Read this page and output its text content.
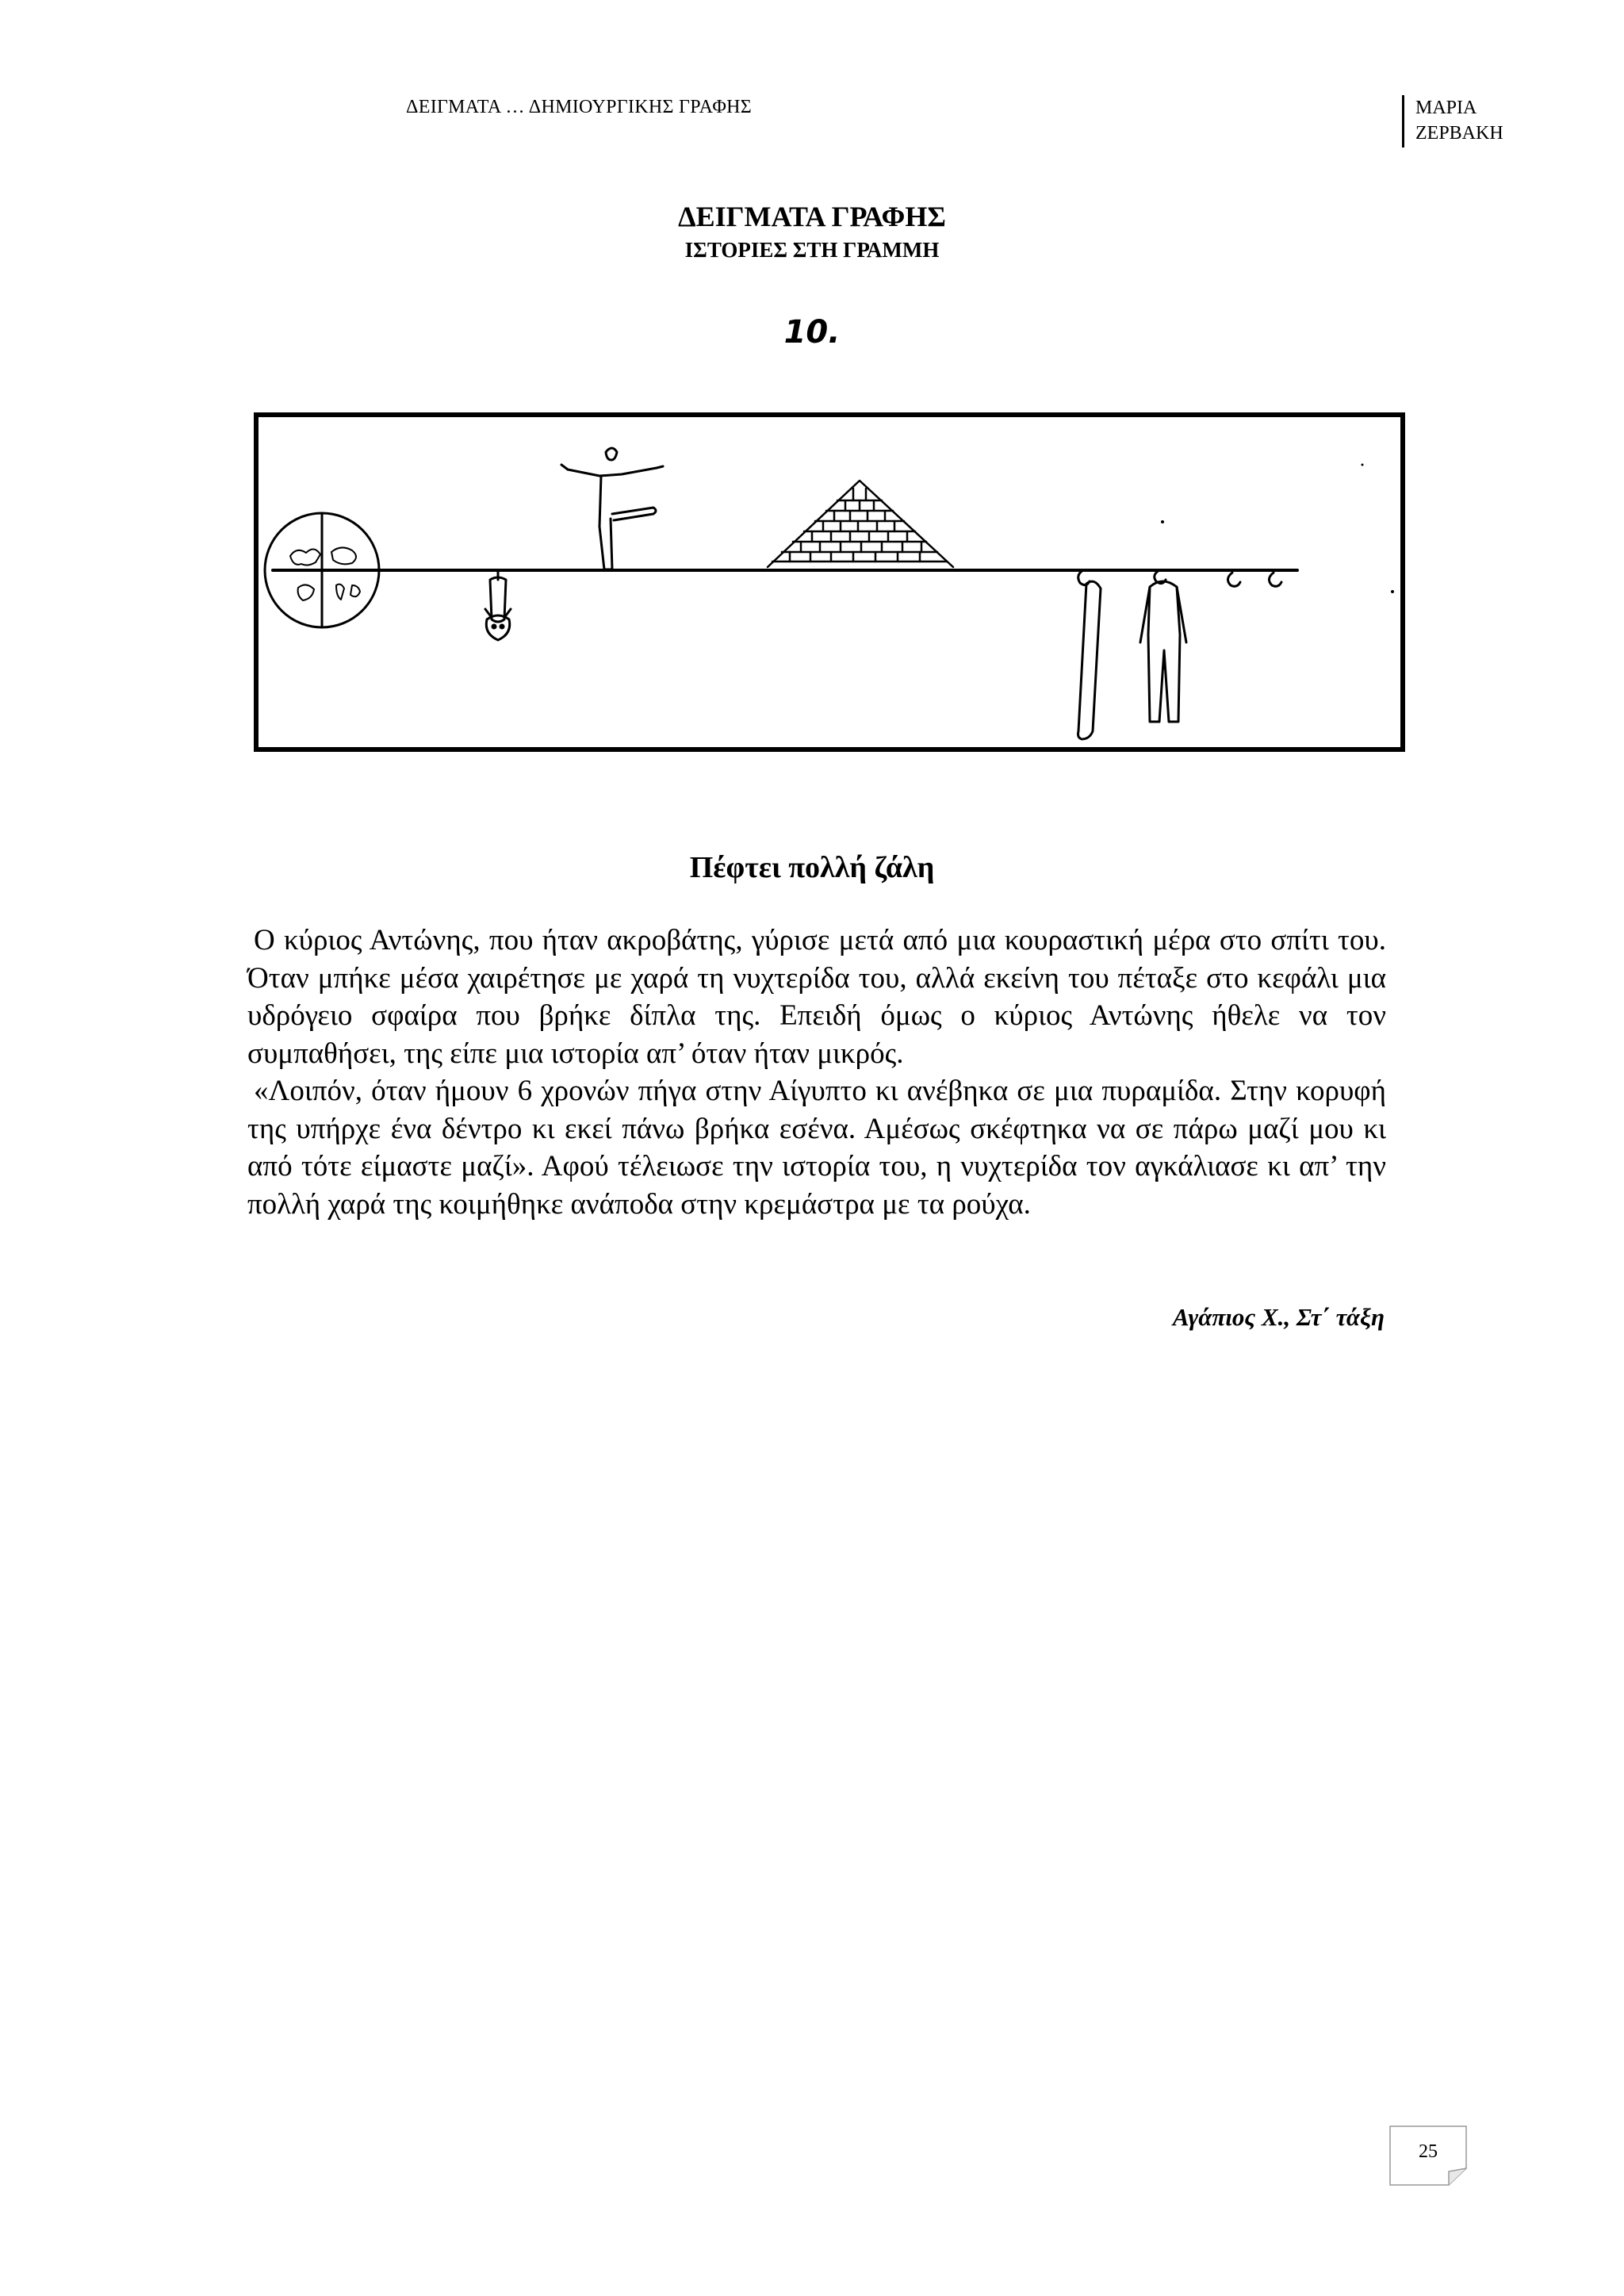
ΔΕΙΓΜΑΤΑ … ΔΗΜΙΟΥΡΓΙΚΗΣ ΓΡΑΦΗΣ	ΜΑΡΙΑ
ΖΕΡΒΑΚΗ
ΔΕΙΓΜΑΤΑ ΓΡΑΦΗΣ
ΙΣΤΟΡΙΕΣ ΣΤΗ ΓΡΑΜΜΗ
10.
Πέφτει πολλή ζάλη

Ο κύριος Αντώνης, που ήταν ακροβάτης, γύρισε μετά από μια κουραστική μέρα στο σπίτι του. Όταν μπήκε μέσα χαιρέτησε με χαρά τη νυχτερίδα του, αλλά εκείνη του πέταξε στο κεφάλι μια υδρόγειο σφαίρα που βρήκε δίπλα της. Επειδή όμως ο κύριος Αντώνης ήθελε να τον συμπαθήσει, της είπε μια ιστορία απ’ όταν ήταν μικρός.

«Λοιπόν, όταν ήμουν 6 χρονών πήγα στην Αίγυπτο κι ανέβηκα σε μια πυραμίδα. Στην κορυφή της υπήρχε ένα δέντρο κι εκεί πάνω βρήκα εσένα. Αμέσως σκέφτηκα να σε πάρω μαζί μου κι από τότε είμαστε μαζί». Αφού τέλειωσε την ιστορία του, η νυχτερίδα τον αγκάλιασε κι απ’ την πολλή χαρά της κοιμήθηκε ανάποδα στην κρεμάστρα με τα ρούχα.

Αγάπιος Χ., Στ΄ τάξη
25
